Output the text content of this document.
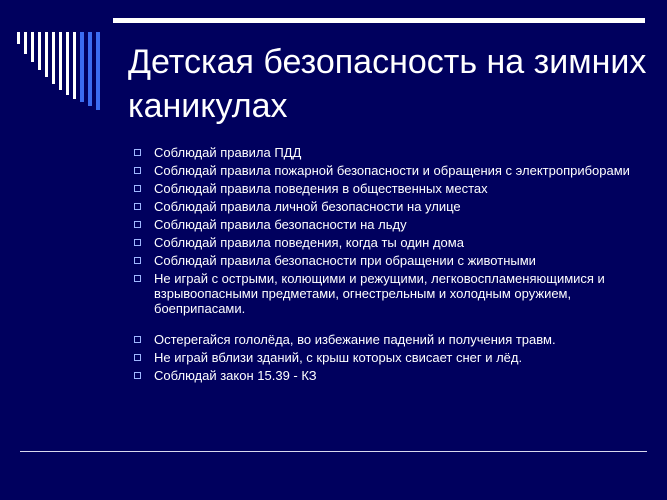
Детская безопасность на зимних каникулах
Соблюдай правила ПДД
Соблюдай правила пожарной безопасности и обращения с электроприборами
Соблюдай правила поведения в общественных местах
Соблюдай правила личной безопасности на улице
Соблюдай правила безопасности на льду
Соблюдай правила поведения, когда ты один дома
Соблюдай правила безопасности при обращении с животными
Не играй с острыми, колющими и режущими, легковоспламеняющимися и взрывоопасными предметами, огнестрельным и холодным оружием, боеприпасами.
Остерегайся гололёда, во избежание падений и получения травм.
Не играй вблизи зданий, с крыш которых свисает снег и лёд.
Соблюдай закон 15.39 - КЗ
